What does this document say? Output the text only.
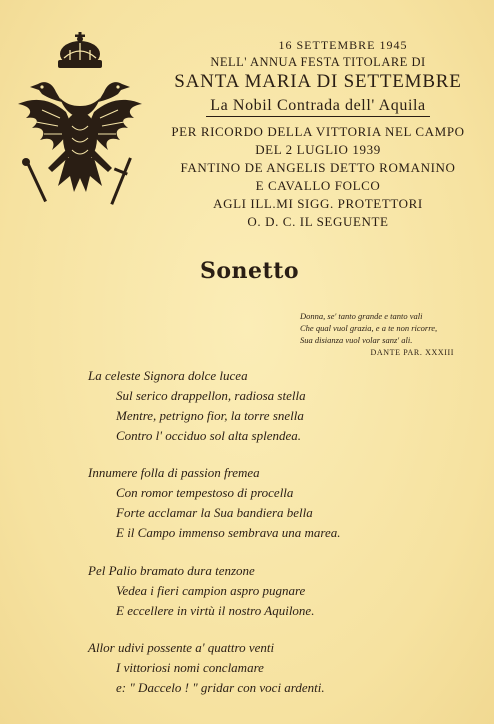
16 SETTEMBRE 1945
NELL' ANNUA FESTA TITOLARE DI
SANTA MARIA DI SETTEMBRE
La Nobil Contrada dell' Aquila
PER RICORDO DELLA VITTORIA NEL CAMPO
DEL 2 LUGLIO 1939
FANTINO DE ANGELIS DETTO ROMANINO
E CAVALLO FOLCO
AGLI ILL.MI SIGG. PROTETTORI
O. D. C. IL SEGUENTE
Sonetto
Donna, se' tanto grande e tanto vali
Che qual vuol grazia, e a te non ricorre,
Sua disianza vuol volar sanz' ali.
DANTE PAR. XXXIII
La celeste Signora dolce lucea
Sul serico drappellon, radiosa stella
Mentre, petrigno fior, la torre snella
Contro l' occiduo sol alta splendea.
Innumere folla di passion fremea
Con romor tempestoso di procella
Forte acclamar la Sua bandiera bella
E il Campo immenso sembrava una marea.
Pel Palio bramato dura tenzone
Vedea i fieri campion aspro pugnare
E eccellere in virtù il nostro Aquilone.
Allor udivi possente a' quattro venti
I vittoriosi nomi conclamare
e: " Daccelo ! " gridar con voci ardenti.
